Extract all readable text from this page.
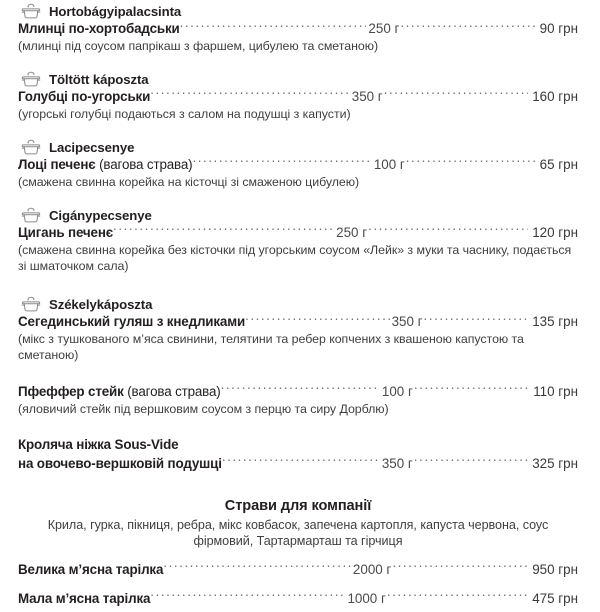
Hortobágyipalacsinta
Млинці по-хортобадськи .....	250 г .....	90 грн
(млинці під соусом папрікаш з фаршем, цибулею та сметаною)
Töltött káposzta
Голубці по-угорськи .....	350 г .....	160 грн
(угорські голубці подаються з салом на подушці з капусти)
Lacipecsenye
Лоці печенє (вагова страва) .....	100 г .....	65 грн
(смажена свинна корейка на кісточці зі смаженою цибулею)
Cigánypecsenye
Цигань печенє .....	250 г .....	120 грн
(смажена свинна корейка без кісточки під угорським соусом «Лейк» з муки та часнику, подається зі шматочком сала)
Székelykáposzta
Сегединський гуляш з кнедликами .....	350 г .....	135 грн
(мікс з тушкованого м’яса свинини, телятини та ребер копчених з квашеною капустою та сметаною)
Пфеффер стейк (вагова страва) .....	100 г .....	110 грн
(яловичий стейк під вершковим соусом з перцю та сиру Дорблю)
Кроляча ніжка Sous-Vide
на овочево-вершковій подушці .....	350 г .....	325 грн
Страви для компанії
Крила, гурка, пікниця, ребра, мікс ковбасок, запечена картопля, капуста червона, соус фірмовий, Тартармарташ та гірчиця
Велика м’ясна тарілка .....	2000 г .....	950 грн
Мала м’ясна тарілка .....	1000 г .....	475 грн
